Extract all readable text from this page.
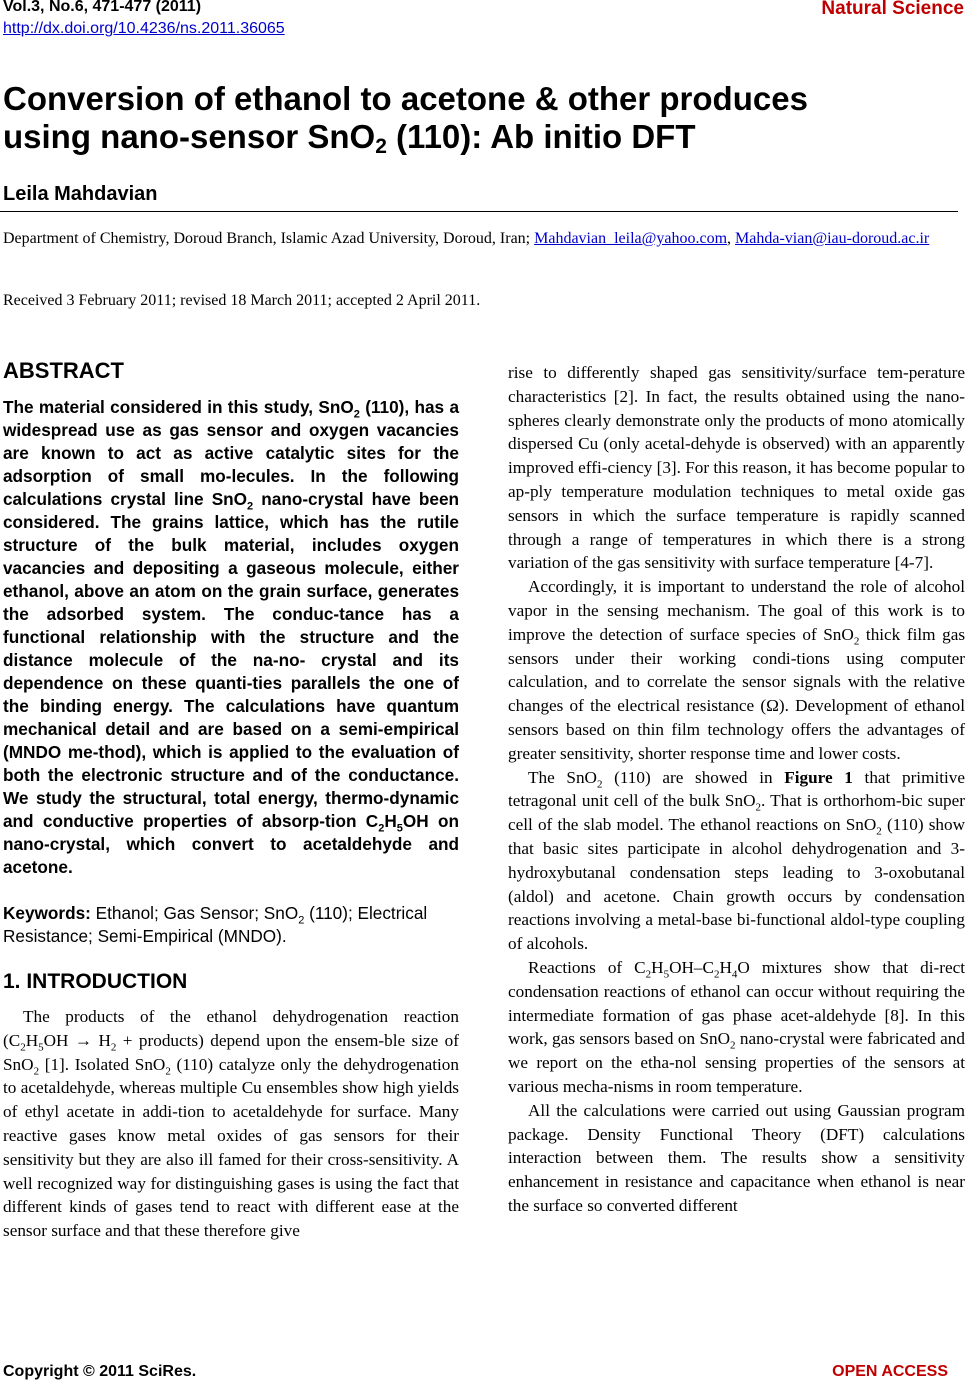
Vol.3, No.6, 471-477 (2011)
http://dx.doi.org/10.4236/ns.2011.36065
Natural Science
Conversion of ethanol to acetone & other produces
using nano-sensor SnO$_2$ (110): Ab initio DFT
Leila Mahdavian
Department of Chemistry, Doroud Branch, Islamic Azad University, Doroud, Iran; Mahdavian_leila@yahoo.com, Mahda-vian@iau-doroud.ac.ir
Received 3 February 2011; revised 18 March 2011; accepted 2 April 2011.
ABSTRACT

The material considered in this study, SnO$_2$ (110), has a widespread use as gas sensor and oxygen vacancies are known to act as active catalytic sites for the adsorption of small mo-lecules. In the following calculations crystal line SnO$_2$ nano-crystal have been considered. The grains lattice, which has the rutile structure of the bulk material, includes oxygen vacancies and depositing a gaseous molecule, either ethanol, above an atom on the grain surface, generates the adsorbed system. The conduc-tance has a functional relationship with the structure and the distance molecule of the na-no- crystal and its dependence on these quanti-ties parallels the one of the binding energy. The calculations have quantum mechanical detail and are based on a semi-empirical (MNDO me-thod), which is applied to the evaluation of both the electronic structure and of the conductance. We study the structural, total energy, thermo-dynamic and conductive properties of absorp-tion $C_2H_5OH$ on nano-crystal, which convert to acetaldehyde and acetone.

Keywords: Ethanol; Gas Sensor; SnO$_2$ (110); Electrical Resistance; Semi-Empirical (MNDO).

1. INTRODUCTION

The products of the ethanol dehydrogenation reaction ($C_2H_5OH \to H_2$ + products) depend upon the ensem-ble size of SnO$_2$ [1]. Isolated SnO$_2$ (110) catalyze only the dehydrogenation to acetaldehyde, whereas multiple Cu ensembles show high yields of ethyl acetate in addi-tion to acetaldehyde for surface. Many reactive gases know metal oxides of gas sensors for their sensitivity but they are also ill famed for their cross-sensitivity. A well recognized way for distinguishing gases is using the fact that different kinds of gases tend to react with different ease at the sensor surface and that these therefore give

rise to differently shaped gas sensitivity/surface tem-perature characteristics [2]. In fact, the results obtained using the nano-spheres clearly demonstrate only the products of mono atomically dispersed Cu (only acetal-dehyde is observed) with an apparently improved effi-ciency [3]. For this reason, it has become popular to ap-ply temperature modulation techniques to metal oxide gas sensors in which the surface temperature is rapidly scanned through a range of temperatures in which there is a strong variation of the gas sensitivity with surface temperature [4-7].

Accordingly, it is important to understand the role of alcohol vapor in the sensing mechanism. The goal of this work is to improve the detection of surface species of SnO$_2$ thick film gas sensors under their working condi-tions using computer calculation, and to correlate the sensor signals with the relative changes of the electrical resistance (Ω). Development of ethanol sensors based on thin film technology offers the advantages of greater sensitivity, shorter response time and lower costs.

The SnO$_2$ (110) are showed in Figure 1 that primitive tetragonal unit cell of the bulk SnO$_2$. That is orthorhom-bic super cell of the slab model. The ethanol reactions on SnO$_2$ (110) show that basic sites participate in alcohol dehydrogenation and 3-hydroxybutanal condensation steps leading to 3-oxobutanal (aldol) and acetone. Chain growth occurs by condensation reactions involving a metal-base bi-functional aldol-type coupling of alcohols.

Reactions of $C_2H_5OH-C_2H_4O$ mixtures show that di-rect condensation reactions of ethanol can occur without requiring the intermediate formation of gas phase acet-aldehyde [8]. In this work, gas sensors based on SnO$_2$ nano-crystal were fabricated and we report on the etha-nol sensing properties of the sensors at various mecha-nisms in room temperature.

All the calculations were carried out using Gaussian program package. Density Functional Theory (DFT) calculations interaction between them. The results show a sensitivity enhancement in resistance and capacitance when ethanol is near the surface so converted different

Copyright © 2011 SciRes.	OPEN ACCESS
